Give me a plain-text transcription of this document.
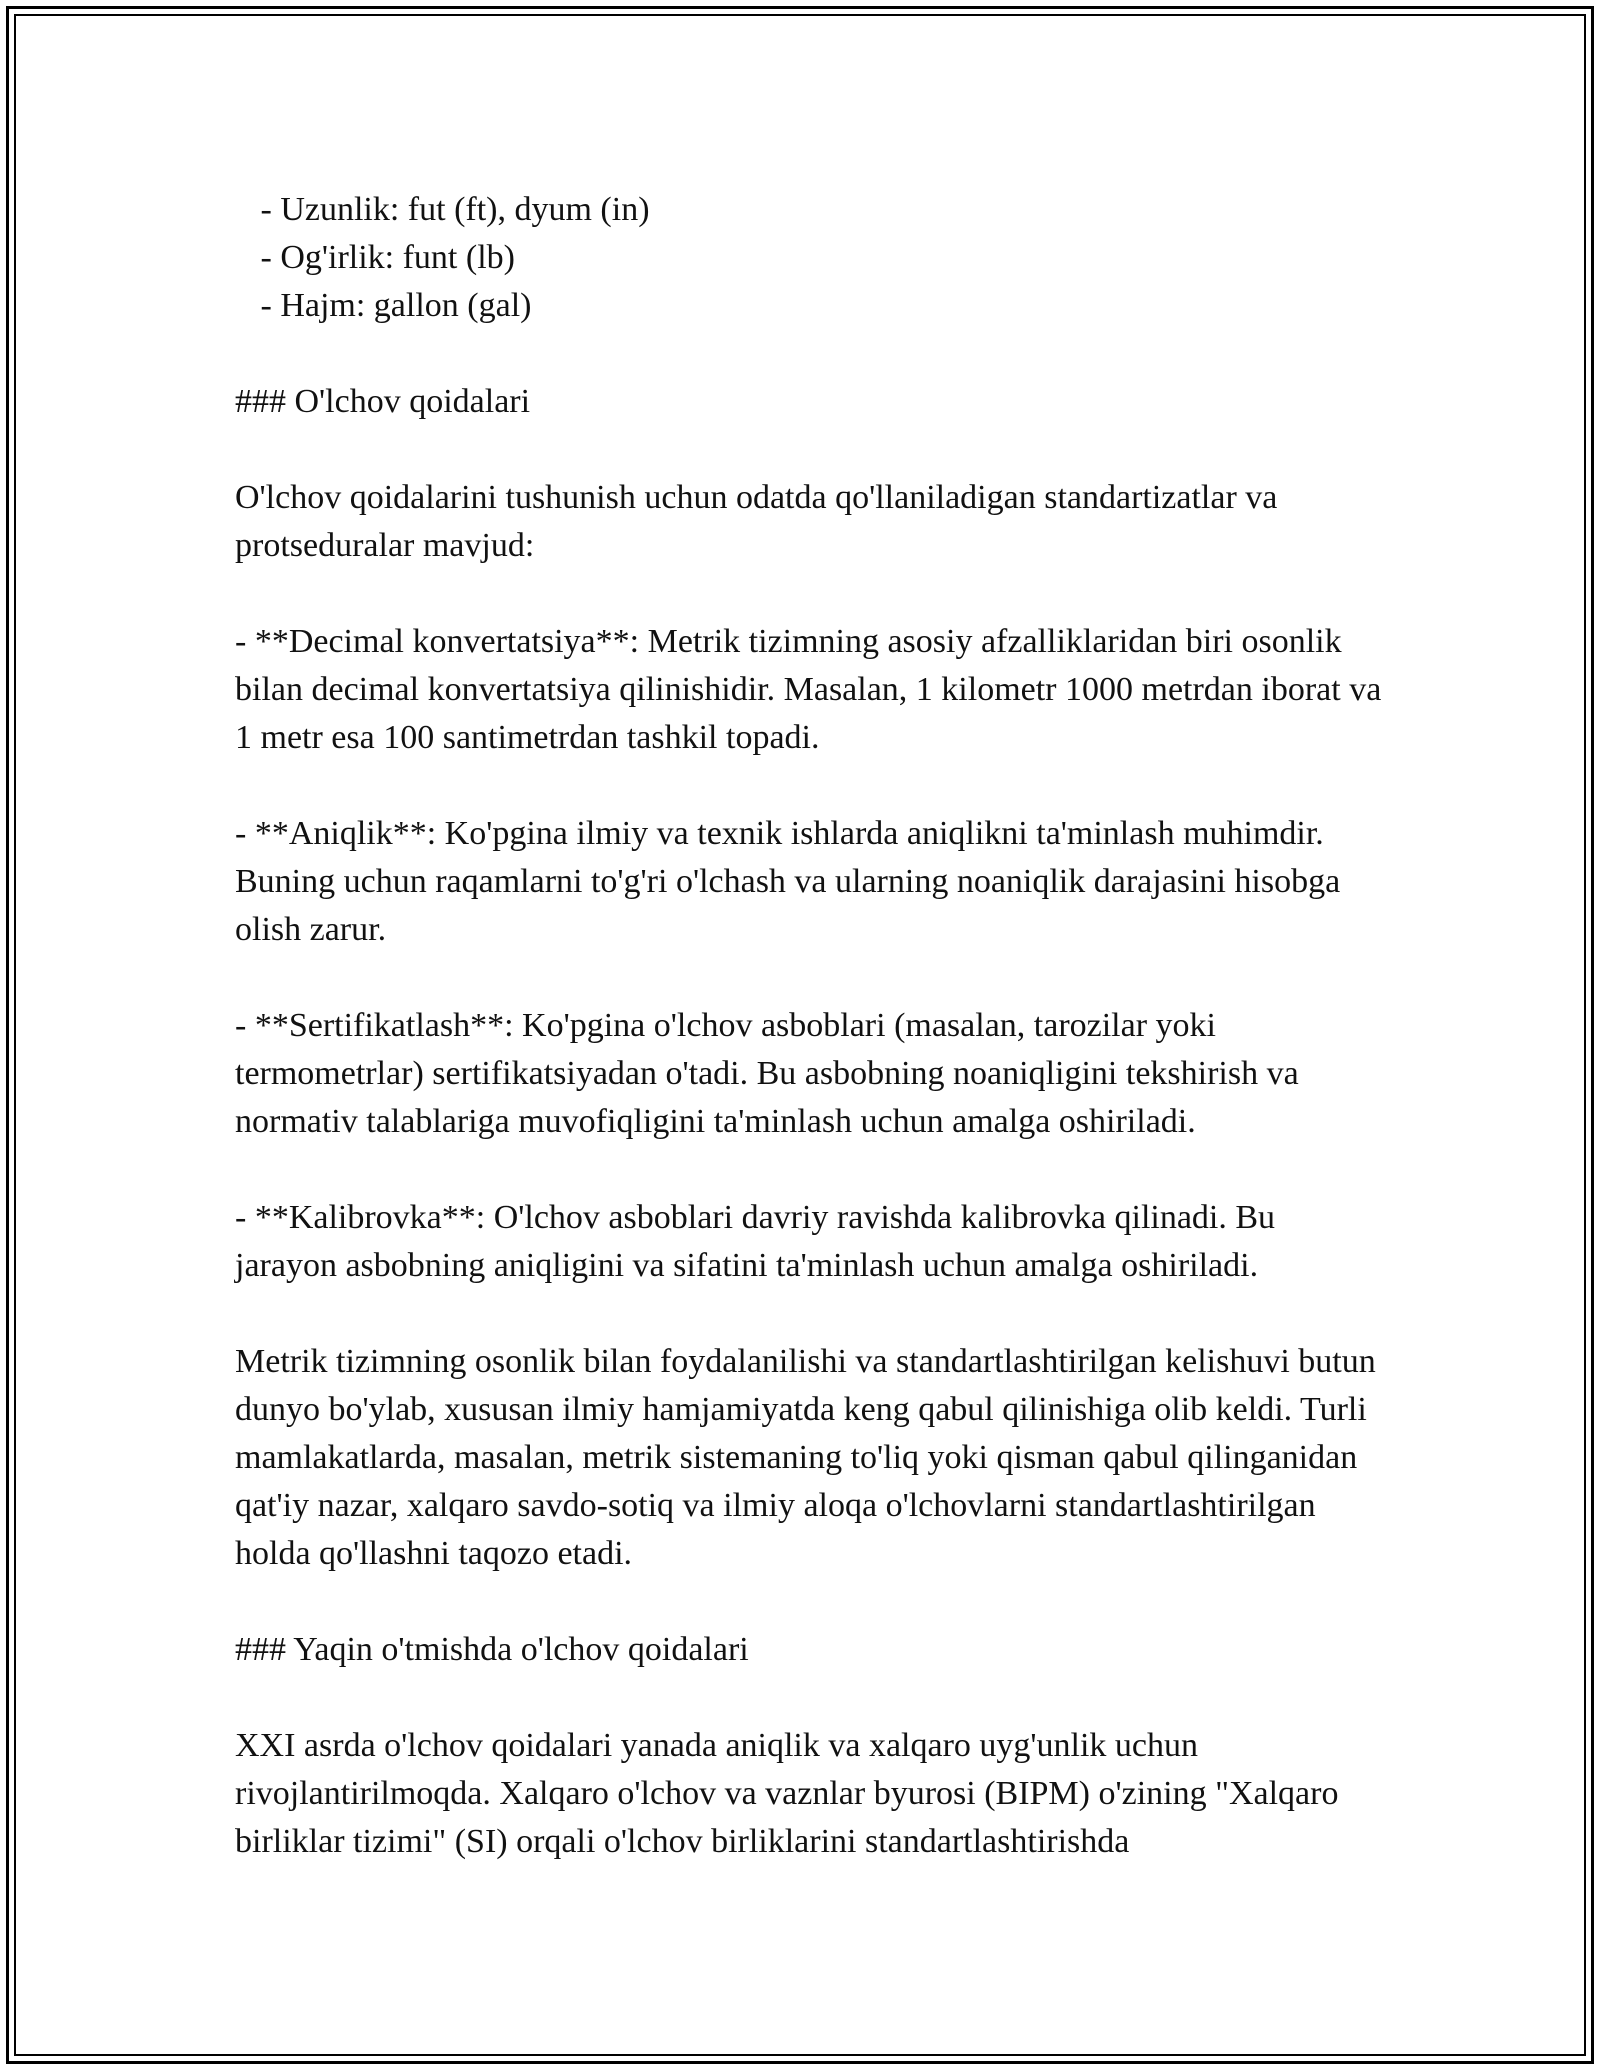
- Uzunlik: fut (ft), dyum (in)
- Og'irlik: funt (lb)
- Hajm: gallon (gal)

### O'lchov qoidalari

O'lchov qoidalarini tushunish uchun odatda qo'llaniladigan standartizatlar va protseduralar mavjud:

- **Decimal konvertatsiya**: Metrik tizimning asosiy afzalliklaridan biri osonlik bilan decimal konvertatsiya qilinishidir. Masalan, 1 kilometr 1000 metrdan iborat va 1 metr esa 100 santimetrdan tashkil topadi.

- **Aniqlik**: Ko'pgina ilmiy va texnik ishlarda aniqlikni ta'minlash muhimdir. Buning uchun raqamlarni to'g'ri o'lchash va ularning noaniqlik darajasini hisobga olish zarur.

- **Sertifikatlash**: Ko'pgina o'lchov asboblari (masalan, tarozilar yoki termometrlar) sertifikatsiyadan o'tadi. Bu asbobning noaniqligini tekshirish va normativ talablariga muvofiqligini ta'minlash uchun amalga oshiriladi.

- **Kalibrovka**: O'lchov asboblari davriy ravishda kalibrovka qilinadi. Bu jarayon asbobning aniqligini va sifatini ta'minlash uchun amalga oshiriladi.

Metrik tizimning osonlik bilan foydalanilishi va standartlashtirilgan kelishuvi butun dunyo bo'ylab, xususan ilmiy hamjamiyatda keng qabul qilinishiga olib keldi. Turli mamlakatlarda, masalan, metrik sistemaning to'liq yoki qisman qabul qilinganidan qat'iy nazar, xalqaro savdo-sotiq va ilmiy aloqa o'lchovlarni standartlashtirilgan holda qo'llashni taqozo etadi.

### Yaqin o'tmishda o'lchov qoidalari

XXI asrda o'lchov qoidalari yanada aniqlik va xalqaro uyg'unlik uchun rivojlantirilmoqda. Xalqaro o'lchov va vaznlar byurosi (BIPM) o'zining "Xalqaro birliklar tizimi" (SI) orqali o'lchov birliklarini standartlashtirishda
